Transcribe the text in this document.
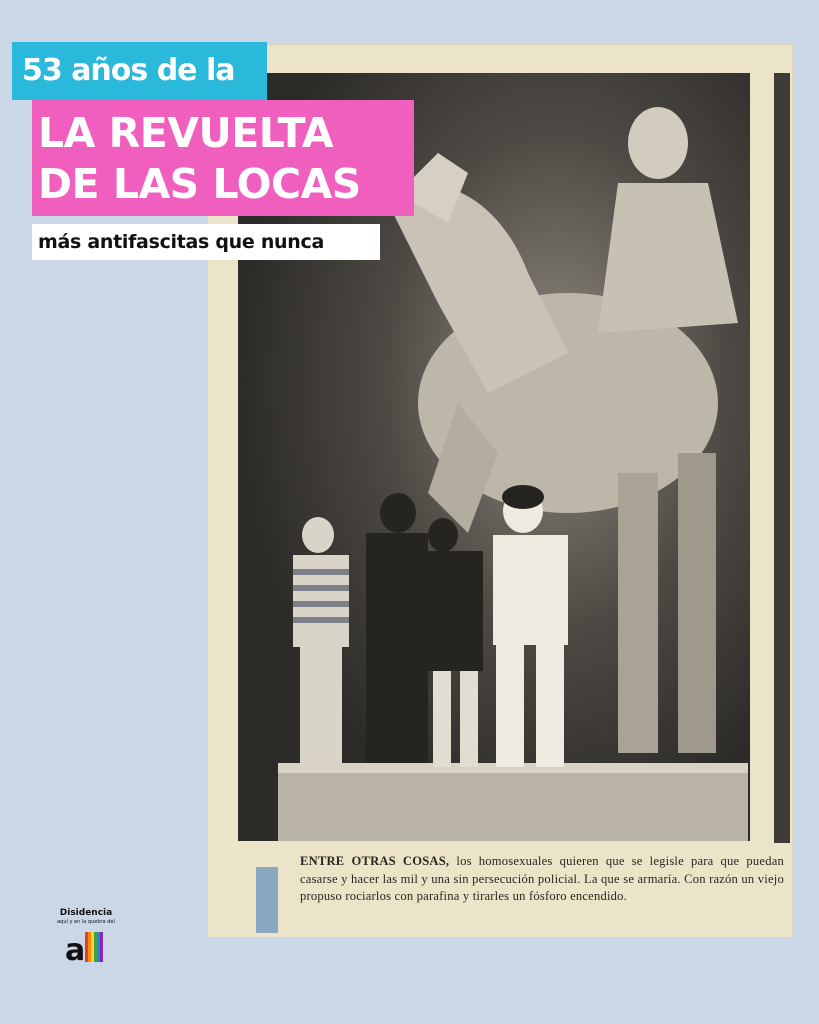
ENTRE OTRAS COSAS, los homosexuales quieren que se legisle para que puedan casarse y hacer las mil y una sin persecución policial. La que se armaría. Con razón un viejo propuso rociarlos con parafina y tirarles un fósforo encendido.
53 años de la
LA REVUELTA
DE LAS LOCAS
más antifascitas que nunca
Disidencia
aquí y en la quebra del
a
